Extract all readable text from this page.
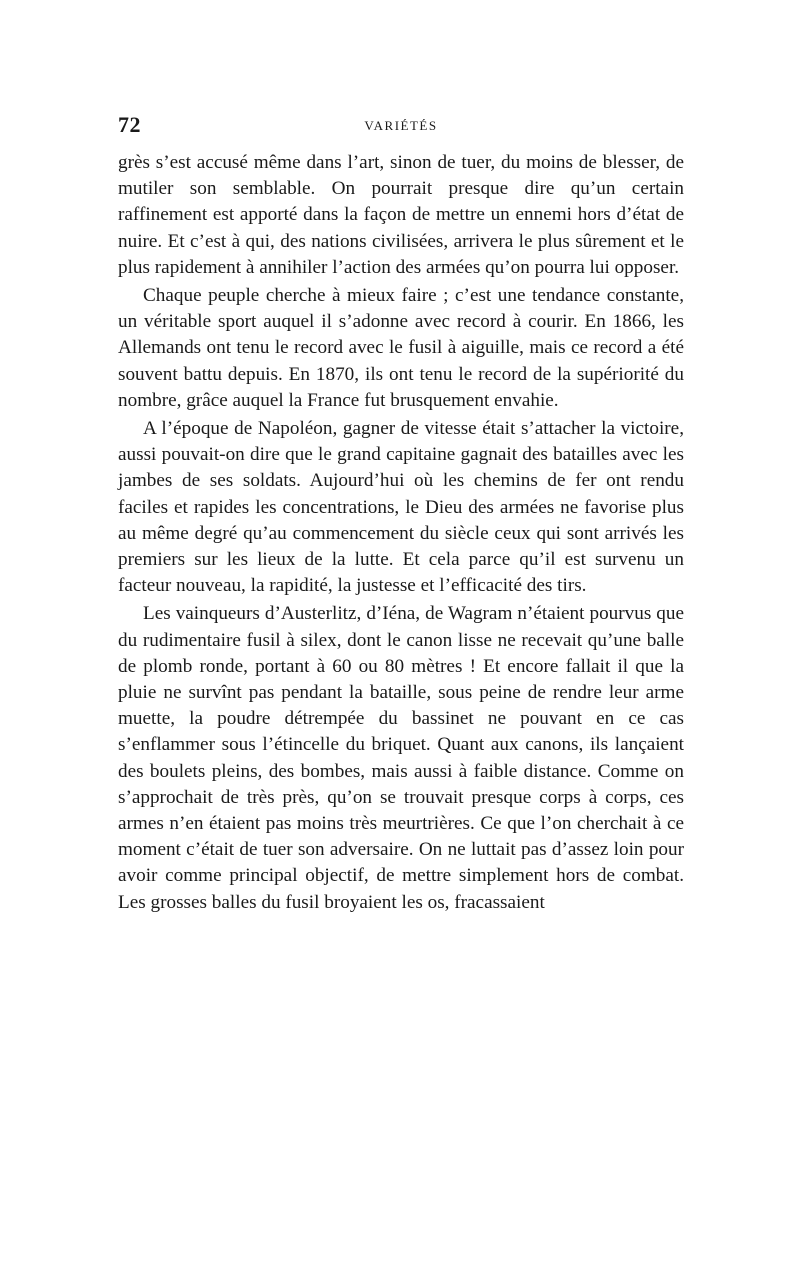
72	VARIÉTÉS

grès s’est accusé même dans l’art, sinon de tuer, du moins de blesser, de mutiler son semblable. On pourrait presque dire qu’un certain raffinement est apporté dans la façon de mettre un ennemi hors d’état de nuire. Et c’est à qui, des nations civilisées, arrivera le plus sûrement et le plus rapidement à annihiler l’action des armées qu’on pourra lui opposer.

Chaque peuple cherche à mieux faire ; c’est une tendance constante, un véritable sport auquel il s’adonne avec record à courir. En 1866, les Allemands ont tenu le record avec le fusil à aiguille, mais ce record a été souvent battu depuis. En 1870, ils ont tenu le record de la supériorité du nombre, grâce auquel la France fut brusquement envahie.

A l’époque de Napoléon, gagner de vitesse était s’attacher la victoire, aussi pouvait-on dire que le grand capitaine gagnait des batailles avec les jambes de ses soldats. Aujourd’hui où les chemins de fer ont rendu faciles et rapides les concentrations, le Dieu des armées ne favorise plus au même degré qu’au commencement du siècle ceux qui sont arrivés les premiers sur les lieux de la lutte. Et cela parce qu’il est survenu un facteur nouveau, la rapidité, la justesse et l’efficacité des tirs.

Les vainqueurs d’Austerlitz, d’Iéna, de Wagram n’étaient pourvus que du rudimentaire fusil à silex, dont le canon lisse ne recevait qu’une balle de plomb ronde, portant à 60 ou 80 mètres ! Et encore fallait il que la pluie ne survînt pas pendant la bataille, sous peine de rendre leur arme muette, la poudre détrempée du bassinet ne pouvant en ce cas s’enflammer sous l’étincelle du briquet. Quant aux canons, ils lançaient des boulets pleins, des bombes, mais aussi à faible distance. Comme on s’approchait de très près, qu’on se trouvait presque corps à corps, ces armes n’en étaient pas moins très meurtrières. Ce que l’on cherchait à ce moment c’était de tuer son adversaire. On ne luttait pas d’assez loin pour avoir comme principal objectif, de mettre simplement hors de combat. Les grosses balles du fusil broyaient les os, fracassaient
